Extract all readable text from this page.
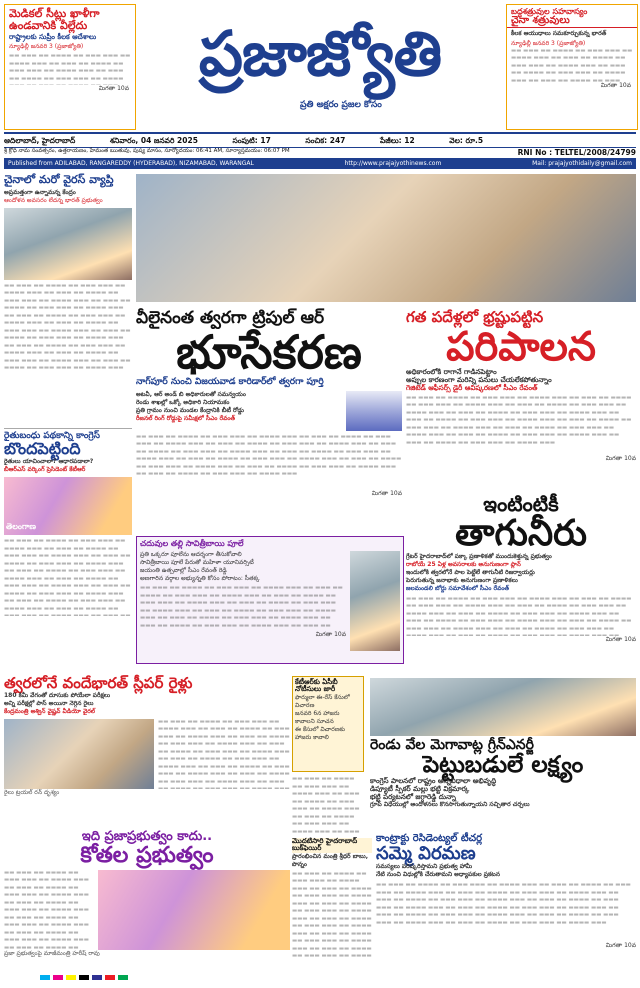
మెడికల్ సీట్లు ఖాళీగా ఉండవానికి వీల్లేదు
రాష్ట్రాలకు సుప్రీం కీలక ఆదేశాలు
న్యూఢిల్లీ జనవరి 3 (ప్రజాజ్యోతి)
▬▬ ▬▬▬ ▬▬ ▬▬▬▬ ▬▬ ▬▬▬ ▬▬▬ ▬▬ ▬▬▬▬ ▬▬▬ ▬▬ ▬▬▬ ▬▬ ▬▬▬▬ ▬▬ ▬▬▬ ▬▬▬ ▬▬ ▬▬▬▬ ▬▬▬ ▬▬ ▬▬▬ ▬▬ ▬▬▬▬ ▬▬ ▬▬▬ ▬▬▬ ▬▬ ▬▬▬▬ ▬▬▬ ▬▬ ▬▬▬ ▬▬ ▬▬▬▬ ▬▬ ▬▬▬ ▬▬▬ ▬▬ ▬▬▬▬ ▬▬▬ ▬▬ ▬▬▬ ▬▬ ▬▬▬▬ ▬▬ ▬▬▬ ▬▬▬ ▬▬ ▬▬▬▬ ▬▬▬ ▬▬ ▬▬▬ ▬▬ ▬▬▬▬ ▬▬ ▬▬▬ ▬▬▬ ▬▬ ▬▬▬▬ ▬▬▬ ▬▬ ▬▬▬ ▬▬ ▬▬▬▬ ▬▬ ▬▬▬ ▬▬▬ ▬▬ ▬▬▬▬ ▬▬▬ ▬▬ ▬▬▬ ▬▬ ▬▬▬▬ ▬▬ ▬▬▬ ▬▬▬ ▬▬ ▬▬▬▬ ▬▬▬ ▬▬ ▬▬▬ ▬▬ ▬▬▬▬ ▬▬ ▬▬▬ ▬▬▬ ▬▬ ▬▬▬▬ ▬▬▬
మిగతా 10వ	ప్రజాజ్యోతి
ప్రతి అక్షరం ప్రజల కోసం
బద్ధశత్రువుల సహవాస్యం
చైనా శత్రువులు
కీలక ఆయుధాలు సమకూర్చుకున్న భారత్
న్యూఢిల్లీ జనవరి 3 (ప్రజాజ్యోతి)
▬▬ ▬▬▬ ▬▬ ▬▬▬▬ ▬▬ ▬▬▬ ▬▬▬ ▬▬ ▬▬▬▬ ▬▬▬ ▬▬ ▬▬▬ ▬▬ ▬▬▬▬ ▬▬ ▬▬▬ ▬▬▬ ▬▬ ▬▬▬▬ ▬▬▬ ▬▬ ▬▬▬ ▬▬ ▬▬▬▬ ▬▬ ▬▬▬ ▬▬▬ ▬▬ ▬▬▬▬ ▬▬▬ ▬▬ ▬▬▬ ▬▬ ▬▬▬▬ ▬▬ ▬▬▬ ▬▬▬ ▬▬ ▬▬▬▬ ▬▬▬ ▬▬ ▬▬▬ ▬▬ ▬▬▬▬ ▬▬ ▬▬▬ ▬▬▬ ▬▬ ▬▬▬▬ ▬▬▬ ▬▬ ▬▬▬ ▬▬ ▬▬▬▬ ▬▬ ▬▬▬ ▬▬▬ ▬▬ ▬▬▬▬ ▬▬▬ ▬▬ ▬▬▬ ▬▬ ▬▬▬▬ ▬▬ ▬▬▬ ▬▬▬ ▬▬ ▬▬▬▬ ▬▬▬ ▬▬ ▬▬▬ ▬▬ ▬▬▬▬ ▬▬ ▬▬▬ ▬▬▬ ▬▬ ▬▬▬▬ ▬▬▬ ▬▬ ▬▬▬ ▬▬ ▬▬▬▬ ▬▬ ▬▬▬ ▬▬▬ ▬▬ ▬▬▬▬ ▬▬▬
మిగతా 10వ
ఆదిలాబాద్, హైదరాబాద్	శనివారం, 04 జనవరి 2025	సంపుటి: 17	సంచిక: 247	పేజీలు: 12	వెల: రూ.5
RNI No : TELTEL/2008/24799
శ్రీ క్రోధి నామ సంవత్సరం, ఉత్తరాయణం, హేమంత ఋతువు, పుష్య మాసం, సూర్యోదయం: 06:41 AM, సూర్యాస్తమయం: 06:07 PM
Published from ADILABAD, RANGAREDDY (HYDERABAD), NIZAMABAD, WARANGAL	http://www.prajajyothinews.com	Mail: prajajyothidaily@gmail.com
చైనాలో మరో వైరస్ వ్యాప్తి
అప్రమత్తంగా ఉన్నామన్న కేంద్రం
ఆందోళన అవసరం లేదన్న భారత్ ప్రభుత్వం
▬▬ ▬▬▬ ▬▬ ▬▬▬▬ ▬▬ ▬▬▬ ▬▬▬ ▬▬ ▬▬▬▬ ▬▬▬ ▬▬ ▬▬▬ ▬▬ ▬▬▬▬ ▬▬ ▬▬▬ ▬▬▬ ▬▬ ▬▬▬▬ ▬▬▬ ▬▬ ▬▬▬ ▬▬ ▬▬▬▬ ▬▬ ▬▬▬ ▬▬▬ ▬▬ ▬▬▬▬ ▬▬▬ ▬▬ ▬▬▬ ▬▬ ▬▬▬▬ ▬▬ ▬▬▬ ▬▬▬ ▬▬ ▬▬▬▬ ▬▬▬ ▬▬ ▬▬▬ ▬▬ ▬▬▬▬ ▬▬ ▬▬▬ ▬▬▬ ▬▬ ▬▬▬▬ ▬▬▬ ▬▬ ▬▬▬ ▬▬ ▬▬▬▬ ▬▬ ▬▬▬ ▬▬▬ ▬▬ ▬▬▬▬ ▬▬▬ ▬▬ ▬▬▬ ▬▬ ▬▬▬▬ ▬▬ ▬▬▬ ▬▬▬ ▬▬ ▬▬▬▬ ▬▬▬ ▬▬ ▬▬▬ ▬▬ ▬▬▬▬ ▬▬ ▬▬▬ ▬▬▬ ▬▬ ▬▬▬▬ ▬▬▬ ▬▬ ▬▬▬ ▬▬ ▬▬▬▬ ▬▬ ▬▬▬ ▬▬▬ ▬▬ ▬▬▬▬ ▬▬▬
రైతుబంధు పథకాన్ని కాంగ్రెస్
బొందపెట్టింది
రైతులు యాచించాలా? ఆధారపడాలా?
బీఆర్ఎస్ వర్కింగ్ ప్రెసిడెంట్ కేటీఆర్
తెలంగాణ
▬▬ ▬▬▬ ▬▬ ▬▬▬▬ ▬▬ ▬▬▬ ▬▬▬ ▬▬ ▬▬▬▬ ▬▬▬ ▬▬ ▬▬▬ ▬▬ ▬▬▬▬ ▬▬ ▬▬▬ ▬▬▬ ▬▬ ▬▬▬▬ ▬▬▬ ▬▬ ▬▬▬ ▬▬ ▬▬▬▬ ▬▬ ▬▬▬ ▬▬▬ ▬▬ ▬▬▬▬ ▬▬▬ ▬▬ ▬▬▬ ▬▬ ▬▬▬▬ ▬▬ ▬▬▬ ▬▬▬ ▬▬ ▬▬▬▬ ▬▬▬ ▬▬ ▬▬▬ ▬▬ ▬▬▬▬ ▬▬ ▬▬▬ ▬▬▬ ▬▬ ▬▬▬▬ ▬▬▬ ▬▬ ▬▬▬ ▬▬ ▬▬▬▬ ▬▬ ▬▬▬ ▬▬▬ ▬▬ ▬▬▬▬ ▬▬▬ ▬▬ ▬▬▬ ▬▬ ▬▬▬▬ ▬▬ ▬▬▬ ▬▬▬ ▬▬ ▬▬▬▬ ▬▬▬ ▬▬ ▬▬▬ ▬▬ ▬▬▬▬ ▬▬ ▬▬▬ ▬▬▬ ▬▬ ▬▬▬▬ ▬▬▬ ▬▬ ▬▬▬ ▬▬ ▬▬▬▬ ▬▬ ▬▬▬ ▬▬▬ ▬▬ ▬▬▬▬ ▬▬▬
వీలైనంత త్వరగా ట్రిపుల్ ఆర్
భూసేకరణ
నాగ్‌పూర్ నుంచి విజయవాడ కారిడార్‌లో త్వరగా పూర్తి
అటవీ, ఆర్ అండ్ బి అధికారులతో సమన్వయం
రెండు శాఖల్లో ఒక్కో అధికారి నియామకం
ప్రతి గ్రామం నుంచి మండల కేంద్రానికి బీటీ రోడ్డు
రీజనల్ రింగ్ రోడ్డుపై సమీక్షలో సీఎం రేవంత్
▬▬ ▬▬▬ ▬▬ ▬▬▬▬ ▬▬ ▬▬▬ ▬▬▬ ▬▬ ▬▬▬▬ ▬▬▬ ▬▬ ▬▬▬ ▬▬ ▬▬▬▬ ▬▬ ▬▬▬ ▬▬▬ ▬▬ ▬▬▬▬ ▬▬▬ ▬▬ ▬▬▬ ▬▬ ▬▬▬▬ ▬▬ ▬▬▬ ▬▬▬ ▬▬ ▬▬▬▬ ▬▬▬ ▬▬ ▬▬▬ ▬▬ ▬▬▬▬ ▬▬ ▬▬▬ ▬▬▬ ▬▬ ▬▬▬▬ ▬▬▬ ▬▬ ▬▬▬ ▬▬ ▬▬▬▬ ▬▬ ▬▬▬ ▬▬▬ ▬▬ ▬▬▬▬ ▬▬▬ ▬▬ ▬▬▬ ▬▬ ▬▬▬▬ ▬▬ ▬▬▬ ▬▬▬ ▬▬ ▬▬▬▬ ▬▬▬ ▬▬ ▬▬▬ ▬▬ ▬▬▬▬ ▬▬ ▬▬▬ ▬▬▬ ▬▬ ▬▬▬▬ ▬▬▬ ▬▬ ▬▬▬ ▬▬ ▬▬▬▬ ▬▬ ▬▬▬ ▬▬▬ ▬▬ ▬▬▬▬ ▬▬▬ ▬▬ ▬▬▬ ▬▬ ▬▬▬▬ ▬▬ ▬▬▬ ▬▬▬ ▬▬ ▬▬▬▬ ▬▬▬
మిగతా 10వ
గత పదేళ్లలో భ్రష్టుపట్టిన
పరిపాలన
అధికారంలోకి రాగానే గాడినపెట్టాం
అప్పుల కారణంగా మరిన్ని పనులు చేయలేకపోతున్నాం
గెజిటెడ్ ఆఫీసర్స్ డైరీ ఆవిష్కరణలో సీఎం రేవంత్
▬▬ ▬▬▬ ▬▬ ▬▬▬▬ ▬▬ ▬▬▬ ▬▬▬ ▬▬ ▬▬▬▬ ▬▬▬ ▬▬ ▬▬▬ ▬▬ ▬▬▬▬ ▬▬ ▬▬▬ ▬▬▬ ▬▬ ▬▬▬▬ ▬▬▬ ▬▬ ▬▬▬ ▬▬ ▬▬▬▬ ▬▬ ▬▬▬ ▬▬▬ ▬▬ ▬▬▬▬ ▬▬▬ ▬▬ ▬▬▬ ▬▬ ▬▬▬▬ ▬▬ ▬▬▬ ▬▬▬ ▬▬ ▬▬▬▬ ▬▬▬ ▬▬ ▬▬▬ ▬▬ ▬▬▬▬ ▬▬ ▬▬▬ ▬▬▬ ▬▬ ▬▬▬▬ ▬▬▬ ▬▬ ▬▬▬ ▬▬ ▬▬▬▬ ▬▬ ▬▬▬ ▬▬▬ ▬▬ ▬▬▬▬ ▬▬▬ ▬▬ ▬▬▬ ▬▬ ▬▬▬▬ ▬▬ ▬▬▬ ▬▬▬ ▬▬ ▬▬▬▬ ▬▬▬ ▬▬ ▬▬▬ ▬▬ ▬▬▬▬ ▬▬ ▬▬▬ ▬▬▬ ▬▬ ▬▬▬▬ ▬▬▬ ▬▬ ▬▬▬ ▬▬ ▬▬▬▬ ▬▬ ▬▬▬ ▬▬▬ ▬▬ ▬▬▬▬ ▬▬▬
మిగతా 10వ
ఇంటింటికీ
తాగునీరు
గ్రేటర్ హైదరాబాద్‌లో పక్కా ప్రణాళికతో ముందుకెళ్తున్న ప్రభుత్వం
రాబోయే 25 ఏళ్ల అవసరాలకు అనుగుణంగా ప్లాన్
ఇందులోకి త్వరలోనే పాల పెట్టేలే తాగునీటి రిజర్వాయర్లు
పెరుగుతున్న జనాభాకు అనుగుణంగా ప్రణాళికలు
జలమండలి బోర్డు సమావేశంలో సీఎం రేవంత్
▬▬ ▬▬▬ ▬▬ ▬▬▬▬ ▬▬ ▬▬▬ ▬▬▬ ▬▬ ▬▬▬▬ ▬▬▬ ▬▬ ▬▬▬ ▬▬ ▬▬▬▬ ▬▬ ▬▬▬ ▬▬▬ ▬▬ ▬▬▬▬ ▬▬▬ ▬▬ ▬▬▬ ▬▬ ▬▬▬▬ ▬▬ ▬▬▬ ▬▬▬ ▬▬ ▬▬▬▬ ▬▬▬ ▬▬ ▬▬▬ ▬▬ ▬▬▬▬ ▬▬ ▬▬▬ ▬▬▬ ▬▬ ▬▬▬▬ ▬▬▬ ▬▬ ▬▬▬ ▬▬ ▬▬▬▬ ▬▬ ▬▬▬ ▬▬▬ ▬▬ ▬▬▬▬ ▬▬▬ ▬▬ ▬▬▬ ▬▬ ▬▬▬▬ ▬▬ ▬▬▬ ▬▬▬ ▬▬ ▬▬▬▬ ▬▬▬ ▬▬ ▬▬▬ ▬▬ ▬▬▬▬ ▬▬ ▬▬▬ ▬▬▬ ▬▬ ▬▬▬▬ ▬▬▬ ▬▬ ▬▬▬ ▬▬ ▬▬▬▬ ▬▬ ▬▬▬ ▬▬▬ ▬▬ ▬▬▬▬ ▬▬▬ ▬▬ ▬▬▬ ▬▬ ▬▬▬▬ ▬▬ ▬▬▬ ▬▬▬ ▬▬ ▬▬▬▬ ▬▬▬
మిగతా 10వ
చదువుల తల్లి సావిత్రీబాయి పూలే
ప్రతి ఒక్కరూ పూలేను ఆదర్శంగా తీసుకోవాలి
సావిత్రీబాయి పూలే పేరుతో మహిళా యూనివర్సిటీ
జయంతి ఉత్సవాల్లో సీఎం రేవంత్ రెడ్డి
అణగారిన వర్గాల అభ్యున్నతి కోసం పోరాటం: సీతక్క
▬▬ ▬▬▬ ▬▬ ▬▬▬▬ ▬▬ ▬▬▬ ▬▬▬ ▬▬ ▬▬▬▬ ▬▬▬ ▬▬ ▬▬▬ ▬▬ ▬▬▬▬ ▬▬ ▬▬▬ ▬▬▬ ▬▬ ▬▬▬▬ ▬▬▬ ▬▬ ▬▬▬ ▬▬ ▬▬▬▬ ▬▬ ▬▬▬ ▬▬▬ ▬▬ ▬▬▬▬ ▬▬▬ ▬▬ ▬▬▬ ▬▬ ▬▬▬▬ ▬▬ ▬▬▬ ▬▬▬ ▬▬ ▬▬▬▬ ▬▬▬ ▬▬ ▬▬▬ ▬▬ ▬▬▬▬ ▬▬ ▬▬▬ ▬▬▬ ▬▬ ▬▬▬▬ ▬▬▬ ▬▬ ▬▬▬ ▬▬ ▬▬▬▬ ▬▬ ▬▬▬ ▬▬▬ ▬▬ ▬▬▬▬ ▬▬▬ ▬▬ ▬▬▬ ▬▬ ▬▬▬▬ ▬▬ ▬▬▬ ▬▬▬ ▬▬ ▬▬▬▬ ▬▬▬ ▬▬ ▬▬▬ ▬▬ ▬▬▬▬ ▬▬ ▬▬▬ ▬▬▬ ▬▬ ▬▬▬▬ ▬▬▬ ▬▬ ▬▬▬ ▬▬ ▬▬▬▬ ▬▬ ▬▬▬ ▬▬▬ ▬▬ ▬▬▬▬ ▬▬▬
మిగతా 10వ
త్వరలోనే వందేభారత్ స్లీపర్ రైళ్లు
180 కిమీ వేగంతో దూసుకు పోయేలా పరీక్షలు
అన్ని పరీక్షల్లో పాస్ అయినా నెగ్గిన రైలు
కేంద్రమంత్రి అశ్విన్ వైష్ణవ్ వీడియో వైరల్
▬▬ ▬▬▬ ▬▬ ▬▬▬▬ ▬▬ ▬▬▬ ▬▬▬ ▬▬ ▬▬▬▬ ▬▬▬ ▬▬ ▬▬▬ ▬▬ ▬▬▬▬ ▬▬ ▬▬▬ ▬▬▬ ▬▬ ▬▬▬▬ ▬▬▬ ▬▬ ▬▬▬ ▬▬ ▬▬▬▬ ▬▬ ▬▬▬ ▬▬▬ ▬▬ ▬▬▬▬ ▬▬▬ ▬▬ ▬▬▬ ▬▬ ▬▬▬▬ ▬▬ ▬▬▬ ▬▬▬ ▬▬ ▬▬▬▬ ▬▬▬ ▬▬ ▬▬▬ ▬▬ ▬▬▬▬ ▬▬ ▬▬▬ ▬▬▬ ▬▬ ▬▬▬▬ ▬▬▬ ▬▬ ▬▬▬ ▬▬ ▬▬▬▬ ▬▬ ▬▬▬ ▬▬▬ ▬▬ ▬▬▬▬ ▬▬▬ ▬▬ ▬▬▬ ▬▬ ▬▬▬▬ ▬▬ ▬▬▬ ▬▬▬ ▬▬ ▬▬▬▬ ▬▬▬ ▬▬ ▬▬▬ ▬▬ ▬▬▬▬ ▬▬ ▬▬▬ ▬▬▬ ▬▬ ▬▬▬▬ ▬▬▬ ▬▬ ▬▬▬ ▬▬ ▬▬▬▬ ▬▬ ▬▬▬ ▬▬▬ ▬▬ ▬▬▬▬ ▬▬▬
రైలు ట్రయల్ రన్ దృశ్యం
కేటీఆర్‌కు ఏసీబీ నోటీసులు జారీ
ఫార్ములా ఈ-రేస్ కేసులో విచారణ
జనవరి 6న హాజరు కావాలని సూచన
ఈ కేసులో విచారణకు హాజరు కావాలి
▬▬ ▬▬▬ ▬▬ ▬▬▬▬ ▬▬ ▬▬▬ ▬▬▬ ▬▬ ▬▬▬▬ ▬▬▬ ▬▬ ▬▬▬ ▬▬ ▬▬▬▬ ▬▬ ▬▬▬ ▬▬▬ ▬▬ ▬▬▬▬ ▬▬▬ ▬▬ ▬▬▬ ▬▬ ▬▬▬▬ ▬▬ ▬▬▬ ▬▬▬ ▬▬ ▬▬▬▬ ▬▬▬ ▬▬ ▬▬▬ ▬▬ ▬▬▬▬ ▬▬ ▬▬▬ ▬▬▬ ▬▬ ▬▬▬▬ ▬▬▬ ▬▬ ▬▬▬ ▬▬ ▬▬▬▬ ▬▬ ▬▬▬ ▬▬▬ ▬▬ ▬▬▬▬ ▬▬▬ ▬▬ ▬▬▬ ▬▬ ▬▬▬▬ ▬▬ ▬▬▬ ▬▬▬ ▬▬ ▬▬▬▬ ▬▬▬ ▬▬ ▬▬▬ ▬▬ ▬▬▬▬ ▬▬ ▬▬▬ ▬▬▬ ▬▬ ▬▬▬▬ ▬▬▬ ▬▬ ▬▬▬ ▬▬ ▬▬▬▬ ▬▬ ▬▬▬ ▬▬▬ ▬▬ ▬▬▬▬ ▬▬▬ ▬▬ ▬▬▬ ▬▬ ▬▬▬▬ ▬▬ ▬▬▬ ▬▬▬ ▬▬ ▬▬▬▬ ▬▬▬	రెండు వేల మెగావాట్ల గ్రీన్ఎనర్జీ
పెట్టుబడులే లక్ష్యం
కాంగ్రెస్ పాలనలో రాష్ట్రం అన్నివిధాలా అభివృద్ధి
డిప్యూటీ స్పీకర్ మల్లు భట్టి విక్రమార్క
భట్టి పర్యటనలో జగ్గారెడ్డి దున్నా
గ్రూప్ విధేయుల్లో ఆందోళనలు కొనసాగుతున్నాయని సచ్చితార చర్చలు
ఇది ప్రజాప్రభుత్వం కాదు..
కోతల ప్రభుత్వం
▬▬ ▬▬▬ ▬▬ ▬▬▬▬ ▬▬ ▬▬▬ ▬▬▬ ▬▬ ▬▬▬▬ ▬▬▬ ▬▬ ▬▬▬ ▬▬ ▬▬▬▬ ▬▬ ▬▬▬ ▬▬▬ ▬▬ ▬▬▬▬ ▬▬▬ ▬▬ ▬▬▬ ▬▬ ▬▬▬▬ ▬▬ ▬▬▬ ▬▬▬ ▬▬ ▬▬▬▬ ▬▬▬ ▬▬ ▬▬▬ ▬▬ ▬▬▬▬ ▬▬ ▬▬▬ ▬▬▬ ▬▬ ▬▬▬▬ ▬▬▬ ▬▬ ▬▬▬ ▬▬ ▬▬▬▬ ▬▬ ▬▬▬ ▬▬▬ ▬▬ ▬▬▬▬ ▬▬▬ ▬▬ ▬▬▬ ▬▬ ▬▬▬▬ ▬▬ ▬▬▬ ▬▬▬ ▬▬ ▬▬▬▬ ▬▬▬ ▬▬ ▬▬▬ ▬▬ ▬▬▬▬ ▬▬ ▬▬▬ ▬▬▬ ▬▬ ▬▬▬▬ ▬▬▬ ▬▬ ▬▬▬ ▬▬ ▬▬▬▬ ▬▬ ▬▬▬ ▬▬▬ ▬▬ ▬▬▬▬ ▬▬▬ ▬▬ ▬▬▬ ▬▬ ▬▬▬▬ ▬▬ ▬▬▬ ▬▬▬ ▬▬ ▬▬▬▬ ▬▬▬
ప్రజా ప్రభుత్వంపై మాజీమంత్రి హరీష్ రావు
మొదటిసారి హైదరాబాద్ బుక్‌ఫెయిర్
ప్రారంభించిన మంత్రి శ్రీధర్ బాబు, పొన్నం
▬▬ ▬▬▬ ▬▬ ▬▬▬▬ ▬▬ ▬▬▬ ▬▬▬ ▬▬ ▬▬▬▬ ▬▬▬ ▬▬ ▬▬▬ ▬▬ ▬▬▬▬ ▬▬ ▬▬▬ ▬▬▬ ▬▬ ▬▬▬▬ ▬▬▬ ▬▬ ▬▬▬ ▬▬ ▬▬▬▬ ▬▬ ▬▬▬ ▬▬▬ ▬▬ ▬▬▬▬ ▬▬▬ ▬▬ ▬▬▬ ▬▬ ▬▬▬▬ ▬▬ ▬▬▬ ▬▬▬ ▬▬ ▬▬▬▬ ▬▬▬ ▬▬ ▬▬▬ ▬▬ ▬▬▬▬ ▬▬ ▬▬▬ ▬▬▬ ▬▬ ▬▬▬▬ ▬▬▬ ▬▬ ▬▬▬ ▬▬ ▬▬▬▬ ▬▬ ▬▬▬ ▬▬▬ ▬▬ ▬▬▬▬ ▬▬▬ ▬▬ ▬▬▬ ▬▬ ▬▬▬▬ ▬▬ ▬▬▬ ▬▬▬ ▬▬ ▬▬▬▬ ▬▬▬ ▬▬ ▬▬▬ ▬▬ ▬▬▬▬ ▬▬ ▬▬▬ ▬▬▬ ▬▬ ▬▬▬▬ ▬▬▬ ▬▬ ▬▬▬ ▬▬ ▬▬▬▬ ▬▬ ▬▬▬ ▬▬▬ ▬▬ ▬▬▬▬ ▬▬▬
కాంట్రాక్టు రెసిడెంట్యల్ టీచర్ల
సమ్మె విరమణ
సమస్యలు పరిష్కరిస్తామని ప్రభుత్వ హామీ
నేటి నుంచి విధుల్లోకి చేరుతామని అధ్యాపకుల ప్రకటన
▬▬ ▬▬▬ ▬▬ ▬▬▬▬ ▬▬ ▬▬▬ ▬▬▬ ▬▬ ▬▬▬▬ ▬▬▬ ▬▬ ▬▬▬ ▬▬ ▬▬▬▬ ▬▬ ▬▬▬ ▬▬▬ ▬▬ ▬▬▬▬ ▬▬▬ ▬▬ ▬▬▬ ▬▬ ▬▬▬▬ ▬▬ ▬▬▬ ▬▬▬ ▬▬ ▬▬▬▬ ▬▬▬ ▬▬ ▬▬▬ ▬▬ ▬▬▬▬ ▬▬ ▬▬▬ ▬▬▬ ▬▬ ▬▬▬▬ ▬▬▬ ▬▬ ▬▬▬ ▬▬ ▬▬▬▬ ▬▬ ▬▬▬ ▬▬▬ ▬▬ ▬▬▬▬ ▬▬▬ ▬▬ ▬▬▬ ▬▬ ▬▬▬▬ ▬▬ ▬▬▬ ▬▬▬ ▬▬ ▬▬▬▬ ▬▬▬ ▬▬ ▬▬▬ ▬▬ ▬▬▬▬ ▬▬ ▬▬▬ ▬▬▬ ▬▬ ▬▬▬▬ ▬▬▬ ▬▬ ▬▬▬ ▬▬ ▬▬▬▬ ▬▬ ▬▬▬ ▬▬▬ ▬▬ ▬▬▬▬ ▬▬▬ ▬▬ ▬▬▬ ▬▬ ▬▬▬▬ ▬▬ ▬▬▬ ▬▬▬ ▬▬ ▬▬▬▬ ▬▬▬
మిగతా 10వ
